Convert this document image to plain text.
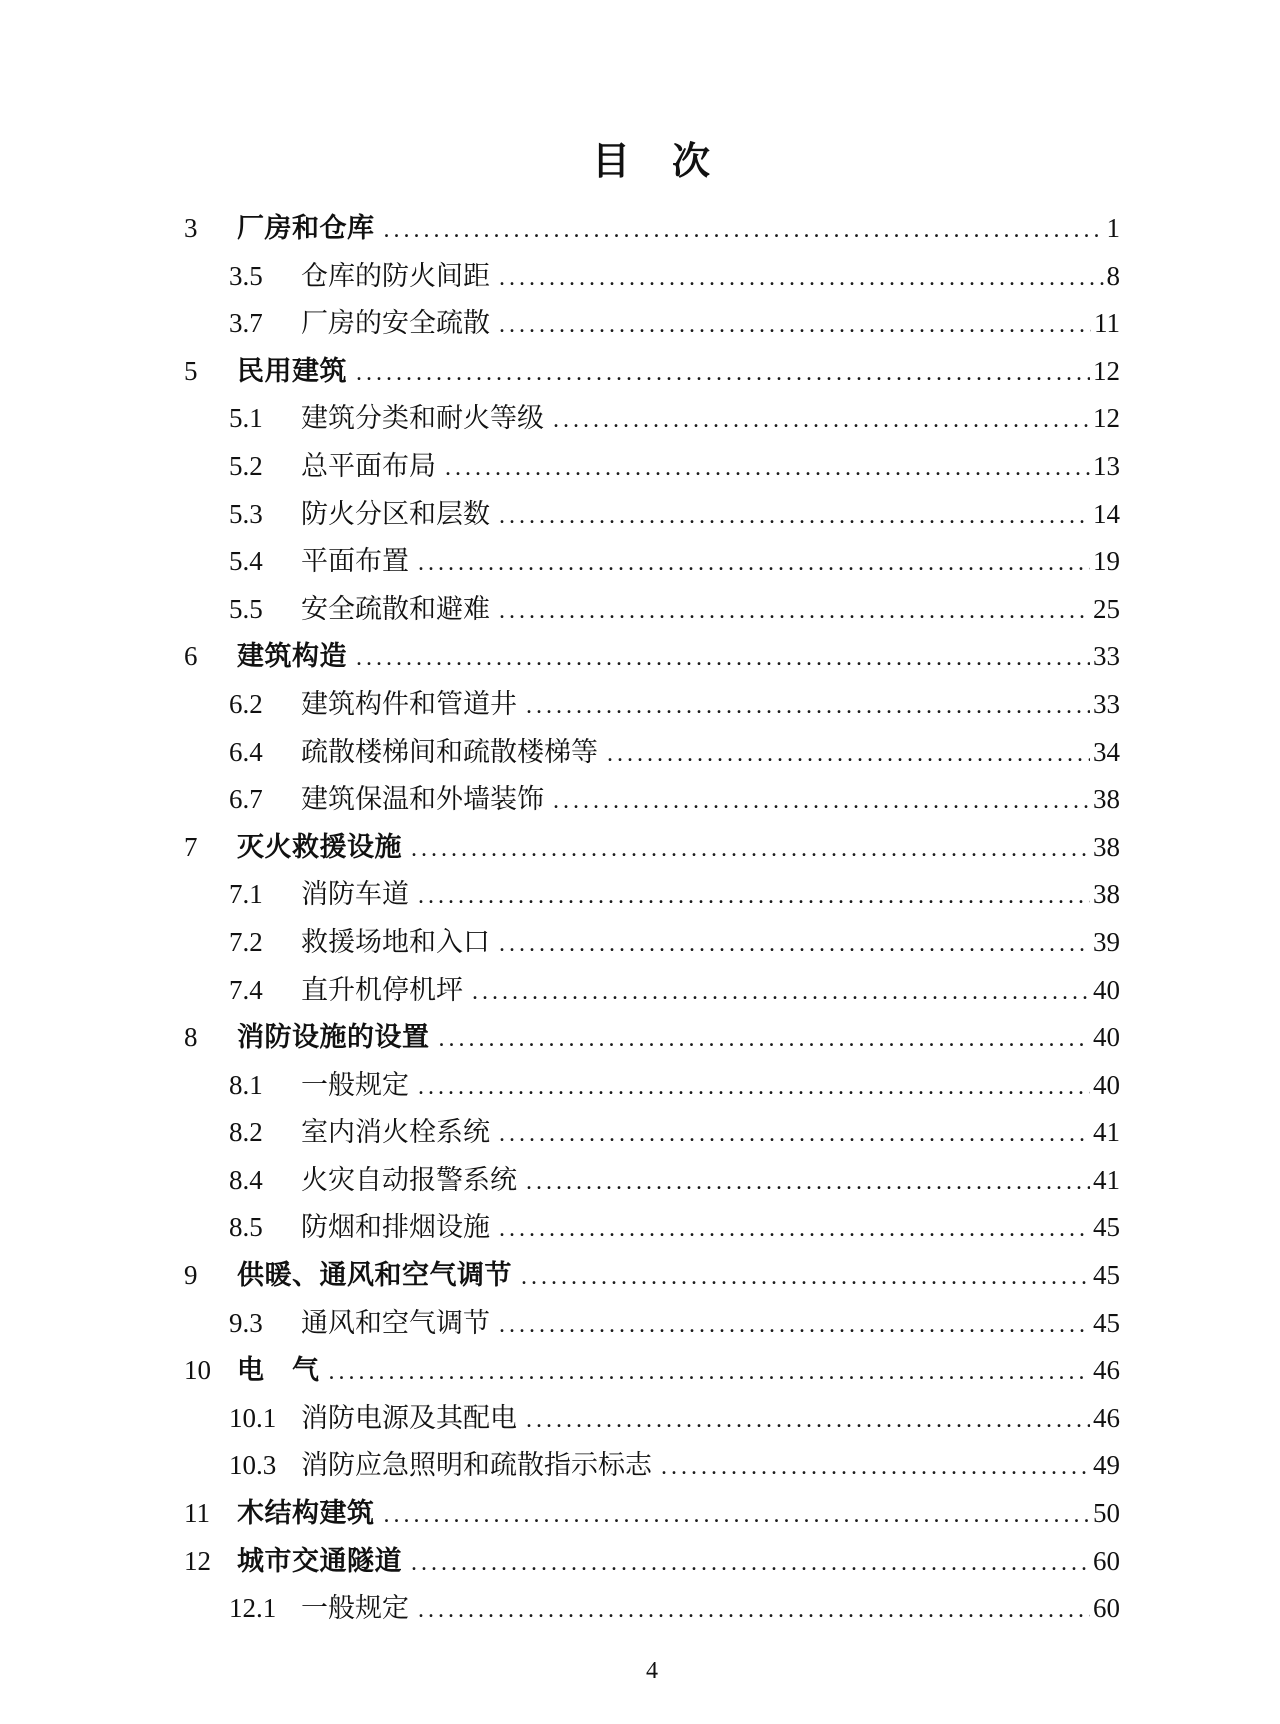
目　次
3	厂房和仓库 .....	1
3.5	仓库的防火间距 .....	8
3.7	厂房的安全疏散 .....	11
5	民用建筑 .....	12
5.1	建筑分类和耐火等级 .....	12
5.2	总平面布局 .....	13
5.3	防火分区和层数 .....	14
5.4	平面布置 .....	19
5.5	安全疏散和避难 .....	25
6	建筑构造 .....	33
6.2	建筑构件和管道井 .....	33
6.4	疏散楼梯间和疏散楼梯等 .....	34
6.7	建筑保温和外墙装饰 .....	38
7	灭火救援设施 .....	38
7.1	消防车道 .....	38
7.2	救援场地和入口 .....	39
7.4	直升机停机坪 .....	40
8	消防设施的设置 .....	40
8.1	一般规定 .....	40
8.2	室内消火栓系统 .....	41
8.4	火灾自动报警系统 .....	41
8.5	防烟和排烟设施 .....	45
9	供暖、通风和空气调节 .....	45
9.3	通风和空气调节 .....	45
10 电　气 .....	46
10.1 消防电源及其配电 .....	46
10.3 消防应急照明和疏散指示标志 .....	49
11	木结构建筑 .....	50
12 城市交通隧道 .....	60
12.1 一般规定 .....	60
4
